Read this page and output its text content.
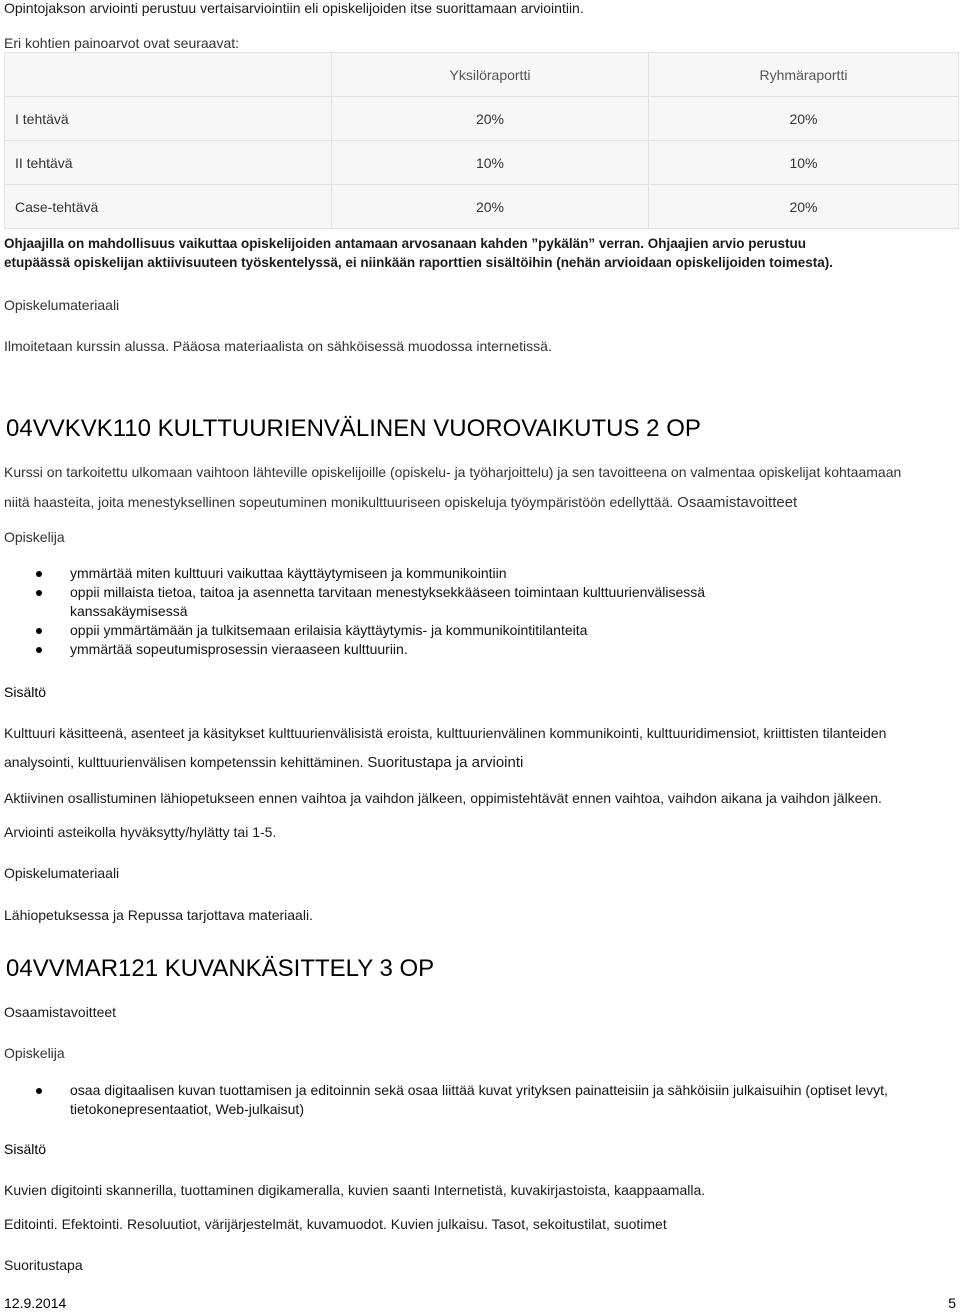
Opintojakson arviointi perustuu vertaisarviointiin eli opiskelijoiden itse suorittamaan arviointiin.
Eri kohtien painoarvot ovat seuraavat:
	Yksilöraportti	Ryhmäraportti
I tehtävä	20%	20%
II tehtävä	10%	10%
Case-tehtävä	20%	20%
Ohjaajilla on mahdollisuus vaikuttaa opiskelijoiden antamaan arvosanaan kahden ”pykälän” verran. Ohjaajien arvio perustuu
etupäässä opiskelijan aktiivisuuteen työskentelyssä, ei niinkään raporttien sisältöihin (nehän arvioidaan opiskelijoiden toimesta).
Opiskelumateriaali
Ilmoitetaan kurssin alussa. Pääosa materiaalista on sähköisessä muodossa internetissä.
04VVKVK110 KULTTUURIENVÄLINEN VUOROVAIKUTUS 2 OP
Kurssi on tarkoitettu ulkomaan vaihtoon lähteville opiskelijoille (opiskelu- ja työharjoittelu) ja sen tavoitteena on valmentaa opiskelijat kohtaamaan
niitä haasteita, joita menestyksellinen sopeutuminen monikulttuuriseen opiskeluja työympäristöön edellyttää. Osaamistavoitteet
Opiskelija
ymmärtää miten kulttuuri vaikuttaa käyttäytymiseen ja kommunikointiin
oppii millaista tietoa, taitoa ja asennetta tarvitaan menestyksekkääseen toimintaan kulttuurienvälisessä kanssakäymisessä
oppii ymmärtämään ja tulkitsemaan erilaisia käyttäytymis- ja kommunikointitilanteita
ymmärtää sopeutumisprosessin vieraaseen kulttuuriin.
Sisältö
Kulttuuri käsitteenä, asenteet ja käsitykset kulttuurienvälisistä eroista, kulttuurienvälinen kommunikointi, kulttuuridimensiot, kriittisten tilanteiden
analysointi, kulttuurienvälisen kompetenssin kehittäminen. Suoritustapa ja arviointi
Aktiivinen osallistuminen lähiopetukseen ennen vaihtoa ja vaihdon jälkeen, oppimistehtävät ennen vaihtoa, vaihdon aikana ja vaihdon jälkeen.
Arviointi asteikolla hyväksytty/hylätty tai 1-5.
Opiskelumateriaali
Lähiopetuksessa ja Repussa tarjottava materiaali.
04VVMAR121 KUVANKÄSITTELY 3 OP
Osaamistavoitteet
Opiskelija
osaa digitaalisen kuvan tuottamisen ja editoinnin sekä osaa liittää kuvat yrityksen painatteisiin ja sähköisiin julkaisuihin (optiset levyt,
tietokonepresentaatiot, Web-julkaisut)
Sisältö
Kuvien digitointi skannerilla, tuottaminen digikameralla, kuvien saanti Internetistä, kuvakirjastoista, kaappaamalla.
Editointi. Efektointi. Resoluutiot, värijärjestelmät, kuvamuodot. Kuvien julkaisu. Tasot, sekoitustilat, suotimet
Suoritustapa
12.9.2014	5
